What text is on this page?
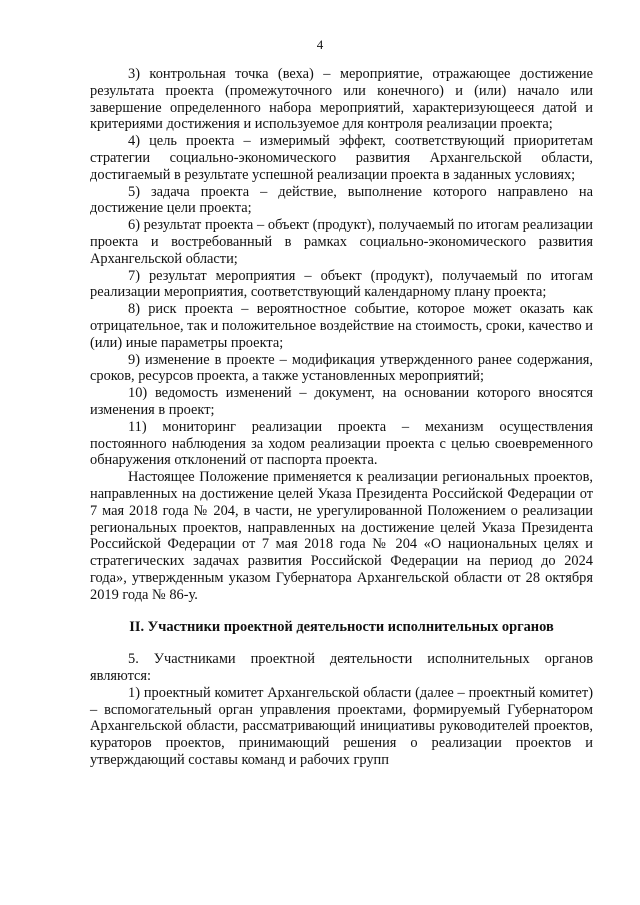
4

3) контрольная точка (веха) – мероприятие, отражающее достижение результата проекта (промежуточного или конечного) и (или) начало или завершение определенного набора мероприятий, характеризующееся датой и критериями достижения и используемое для контроля реализации проекта;

4) цель проекта – измеримый эффект, соответствующий приоритетам стратегии социально-экономического развития Архангельской области, достигаемый в результате успешной реализации проекта в заданных условиях;

5) задача проекта – действие, выполнение которого направлено на достижение цели проекта;

6) результат проекта – объект (продукт), получаемый по итогам реализации проекта и востребованный в рамках социально-экономического развития Архангельской области;

7) результат мероприятия – объект (продукт), получаемый по итогам реализации мероприятия, соответствующий календарному плану проекта;

8) риск проекта – вероятностное событие, которое может оказать как отрицательное, так и положительное воздействие на стоимость, сроки, качество и (или) иные параметры проекта;

9) изменение в проекте – модификация утвержденного ранее содержания, сроков, ресурсов проекта, а также установленных мероприятий;

10) ведомость изменений – документ, на основании которого вносятся изменения в проект;

11) мониторинг реализации проекта – механизм осуществления постоянного наблюдения за ходом реализации проекта с целью своевременного обнаружения отклонений от паспорта проекта.

Настоящее Положение применяется к реализации региональных проектов, направленных на достижение целей Указа Президента Российской Федерации от 7 мая 2018 года № 204, в части, не урегулированной Положением о реализации региональных проектов, направленных на достижение целей Указа Президента Российской Федерации от 7 мая 2018 года № 204 «О национальных целях и стратегических задачах развития Российской Федерации на период до 2024 года», утвержденным указом Губернатора Архангельской области от 28 октября 2019 года № 86-у.

II. Участники проектной деятельности исполнительных органов

5. Участниками проектной деятельности исполнительных органов являются:

1) проектный комитет Архангельской области (далее – проектный комитет) – вспомогательный орган управления проектами, формируемый Губернатором Архангельской области, рассматривающий инициативы руководителей проектов, кураторов проектов, принимающий решения о реализации проектов и утверждающий составы команд и рабочих групп
